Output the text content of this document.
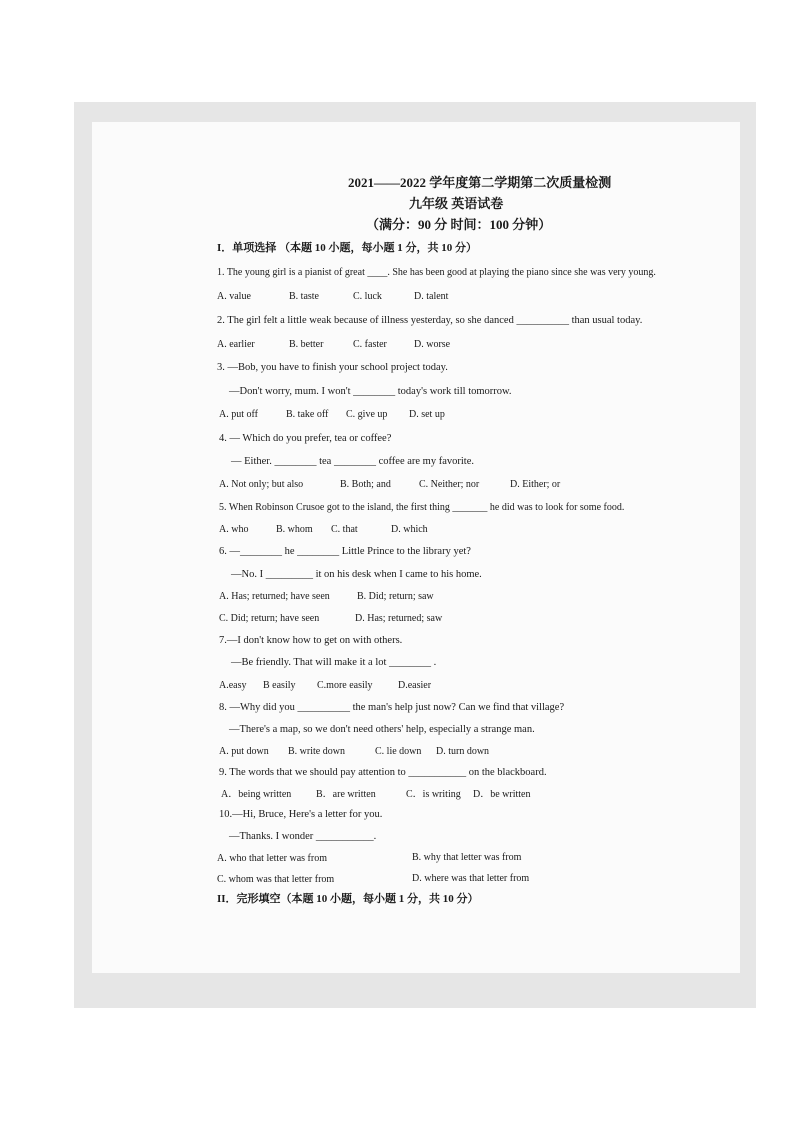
2021——2022 学年度第二学期第二次质量检测
九年级 英语试卷
（满分：90 分 时间：100 分钟）
I．单项选择 （本题 10 小题，每小题 1 分，共 10 分）
1. The young girl is a pianist of great ____. She has been good at playing the piano since she was very young.
A. value	B. taste	C. luck	D. talent
2. The girl felt a little weak because of illness yesterday, so she danced __________ than usual today.
A. earlier	B. better	C. faster	D. worse
3. —Bob, you have to finish your school project today.
—Don't worry, mum. I won't ________ today's work till tomorrow.
A. put off	B. take off C. give up D. set up
4. — Which do you prefer, tea or coffee?
— Either. ________ tea ________ coffee are my favorite.
A. Not only; but also	B. Both; and	C. Neither; nor	D. Either; or
5. When Robinson Crusoe got to the island, the first thing _______ he did was to look for some food.
A. who	B. whom C. that	D. which
6. —________ he ________ Little Prince to the library yet?
—No. I _________ it on his desk when I came to his home.
A. Has; returned; have seen	B. Did; return; saw
C. Did; return; have seen	D. Has; returned; saw
7.—I don't know how to get on with others.
—Be friendly. That will make it a lot ________ .
A.easy B easily C.more easily	D.easier
8. —Why did you __________ the man's help just now? Can we find that village?
—There's a map, so we don't need others' help, especially a strange man.
A. put down B. write down	C. lie down D. turn down
9. The words that we should pay attention to ___________ on the blackboard.
A．being written B．are written	C．is writing D．be written
10.—Hi, Bruce, Here's a letter for you.
—Thanks. I wonder ___________.
A. who that letter was from	B. why that letter was from
C. whom was that letter from	D. where was that letter from
II．完形填空（本题 10 小题，每小题 1 分，共 10 分）
